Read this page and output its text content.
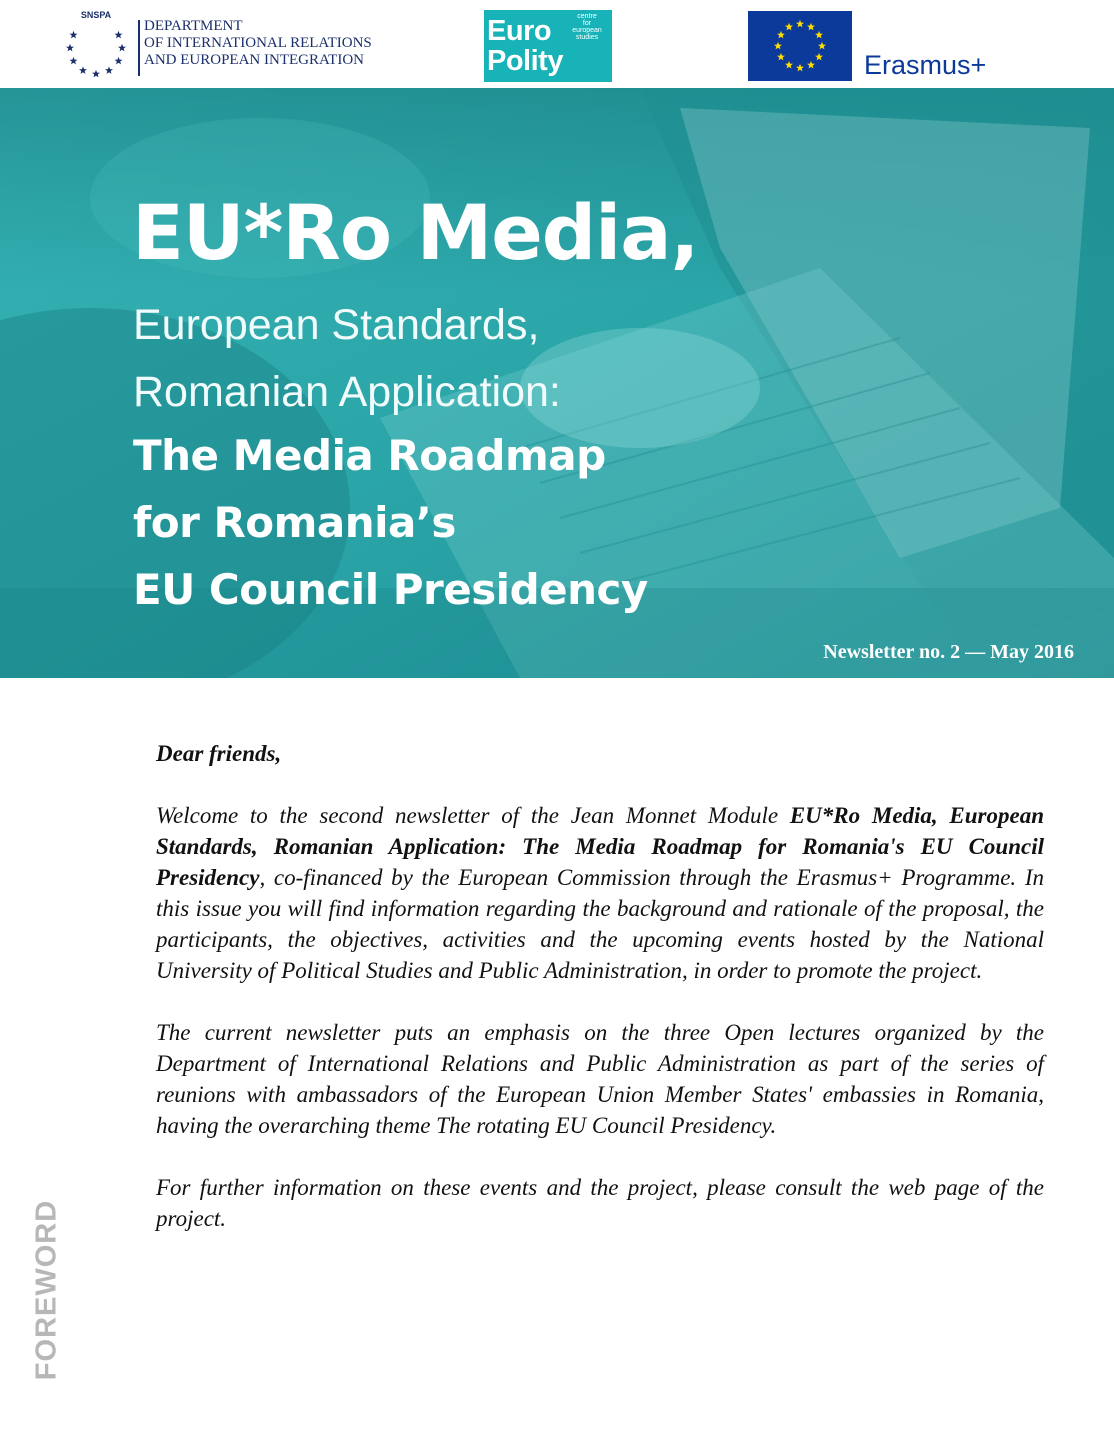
SNSPA
DEPARTMENT
OF INTERNATIONAL RELATIONS
AND EUROPEAN INTEGRATION
Euro
Polity
centre
for
european
studies
Erasmus+
EU*Ro Media,
European Standards,
Romanian Application:
The Media Roadmap
for Romania’s
EU Council Presidency
Newsletter no. 2 — May 2016

Dear friends,

Welcome to the second newsletter of the Jean Monnet Module EU*Ro Media, European Standards, Romanian Application: The Media Roadmap for Romania's EU Council Presidency, co-financed by the European Commission through the Erasmus+ Programme. In this issue you will find information regarding the background and rationale of the proposal, the participants, the objectives, activities and the upcoming events hosted by the National University of Political Studies and Public Administration, in order to promote the project.

The current newsletter puts an emphasis on the three Open lectures organized by the Department of International Relations and Public Administration as part of the series of reunions with ambassadors of the European Union Member States' embassies in Romania, having the overarching theme The rotating EU Council Presidency.

For further information on these events and the project, please consult the web page of the project.

FOREWORD
